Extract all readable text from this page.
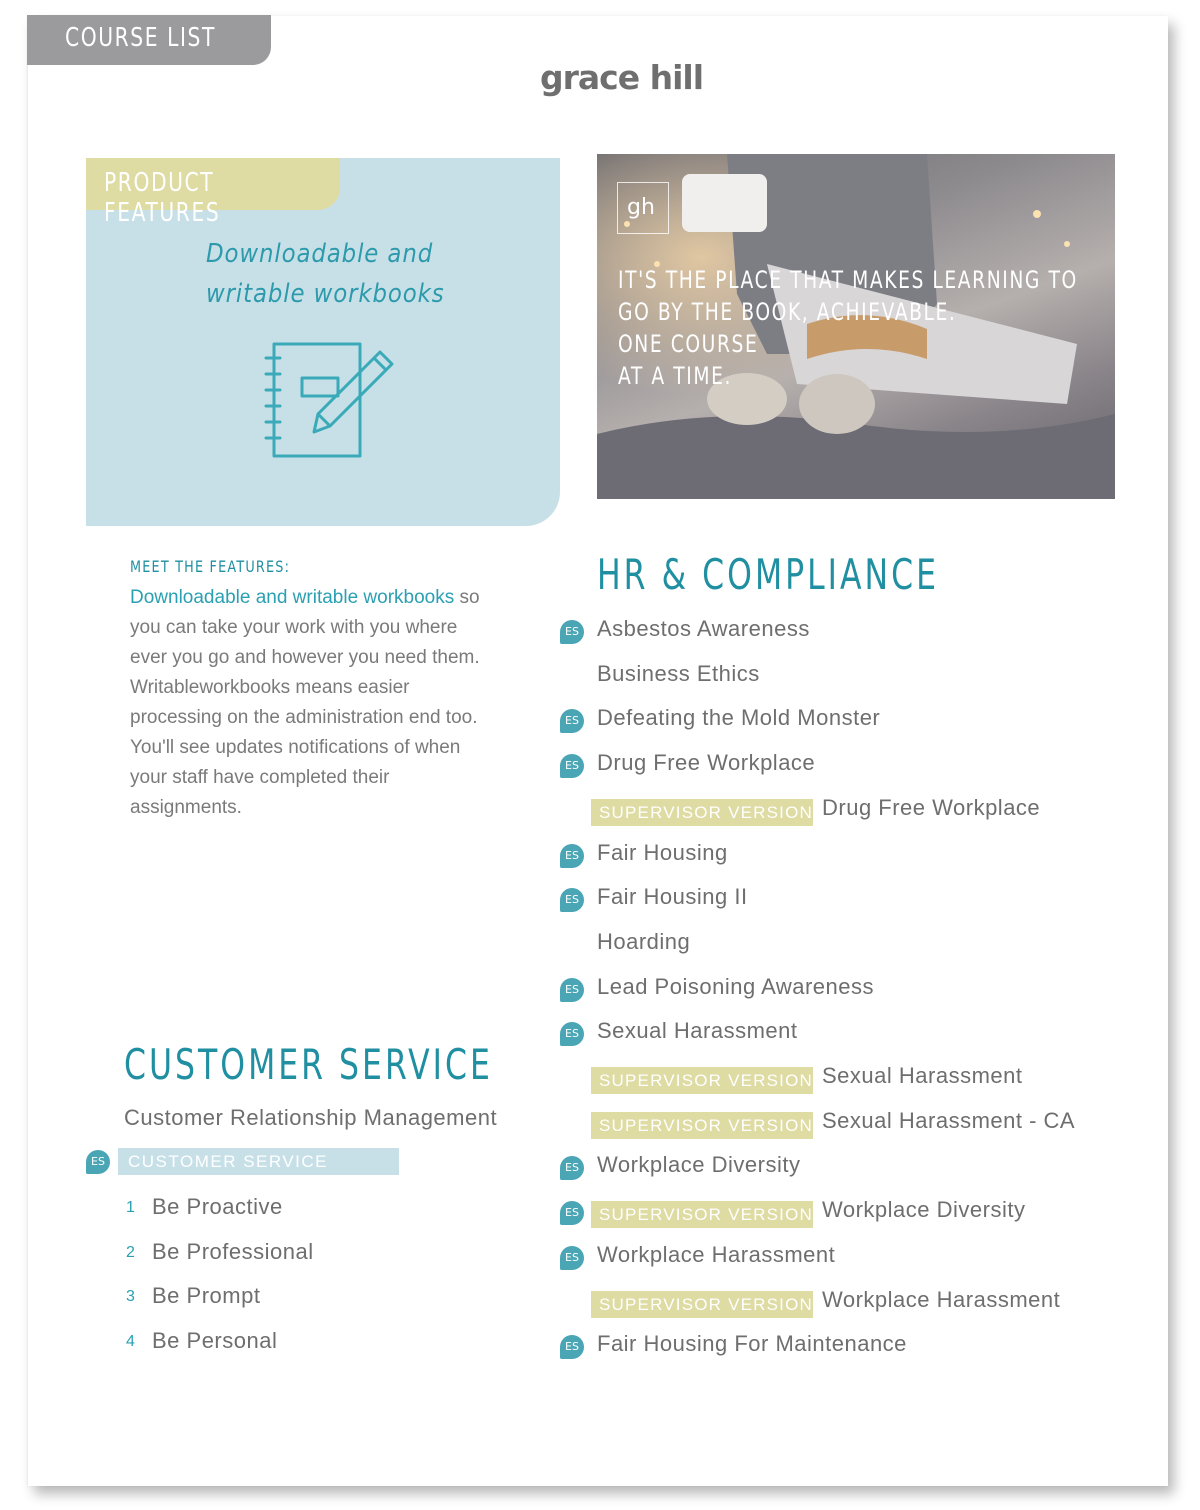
COURSE LIST
grace hill
PRODUCT FEATURES
Downloadable and
writable workbooks
gh
IT'S THE PLACE THAT MAKES LEARNING TO
GO BY THE BOOK, ACHIEVABLE.
ONE COURSE
AT A TIME.
MEET THE FEATURES:
Downloadable and writable workbooks so you can take your work with you where ever you go and however you need them. Writableworkbooks means easier processing on the administration end too. You'll see updates notifications of when your staff have completed their assignments.
HR & COMPLIANCE
ES Asbestos Awareness
Business Ethics
ES Defeating the Mold Monster
ES Drug Free Workplace
SUPERVISOR VERSION Drug Free Workplace
ES Fair Housing
ES Fair Housing II
Hoarding
ES Lead Poisoning Awareness
ES Sexual Harassment
SUPERVISOR VERSION Sexual Harassment
SUPERVISOR VERSION Sexual Harassment - CA
ES Workplace Diversity
ES	SUPERVISOR VERSION Workplace Diversity
ES Workplace Harassment
SUPERVISOR VERSION Workplace Harassment
ES Fair Housing For Maintenance
CUSTOMER SERVICE
Customer Relationship Management
ES	CUSTOMER SERVICE SERIES
1 Be Proactive
2 Be Professional
3 Be Prompt
4 Be Personal
